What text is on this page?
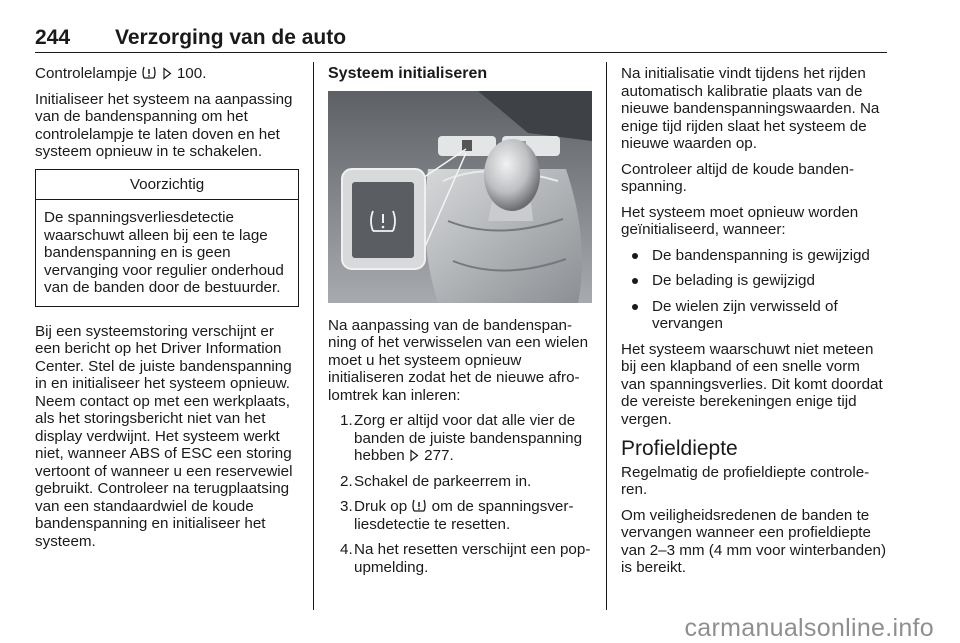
244 Verzorging van de auto

Controlelampje	100.

Initialiseer het systeem na aanpassing van de bandenspanning om het controlelampje te laten doven en het systeem opnieuw in te schakelen.

Voorzichtig
De spanningsverliesdetectie waarschuwt alleen bij een te lage bandenspanning en is geen vervanging voor regulier onderhoud van de banden door de bestuurder.

Bij een systeemstoring verschijnt er een bericht op het Driver Information Center. Stel de juiste bandenspanning in en initialiseer het systeem opnieuw. Neem contact op met een werkplaats, als het storingsbericht niet van het display verdwijnt. Het systeem werkt niet, wanneer ABS of ESC een storing vertoont of wanneer u een reservewiel gebruikt. Controleer na terugplaatsing van een standaardwiel de koude bandenspanning en initialiseer het systeem.

Systeem initialiseren

Na aanpassing van de bandenspanning of het verwisselen van een wielen moet u het systeem opnieuw initialiseren zodat het de nieuwe afrolomtrek kan inleren:

1. Zorg er altijd voor dat alle vier de banden de juiste bandenspanning hebben 277.
2. Schakel de parkeerrem in.
3. Druk op om de spanningsverliesdetectie te resetten.
4. Na het resetten verschijnt een pop-upmelding.

Na initialisatie vindt tijdens het rijden automatisch kalibratie plaats van de nieuwe bandenspanningswaarden. Na enige tijd rijden slaat het systeem de nieuwe waarden op.

Controleer altijd de koude bandenspanning.

Het systeem moet opnieuw worden geïnitialiseerd, wanneer:

De bandenspanning is gewijzigd
De belading is gewijzigd
De wielen zijn verwisseld of vervangen

Het systeem waarschuwt niet meteen bij een klapband of een snelle vorm van spanningsverlies. Dit komt doordat de vereiste berekeningen enige tijd vergen.

Profieldiepte

Regelmatig de profieldiepte controleren.

Om veiligheidsredenen de banden te vervangen wanneer een profieldiepte van 2–3 mm (4 mm voor winterbanden) is bereikt.

carmanualsonline.info
